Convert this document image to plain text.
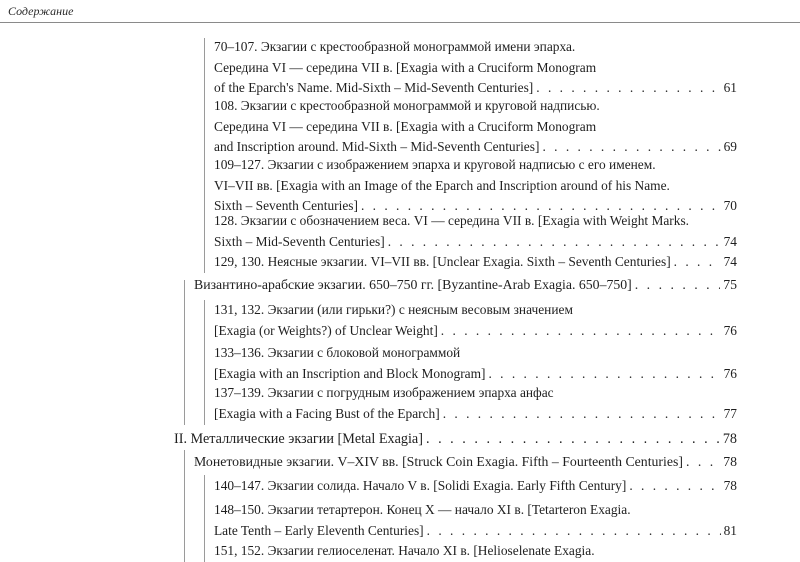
Содержание
70–107. Экзагии с крестообразной монограммой имени эпарха.
Середина VI — середина VII в. [Exagia with a Cruciform Monogram
of the Eparch's Name. Mid-Sixth – Mid-Seventh Centuries] . . .	61
108. Экзагии с крестообразной монограммой и круговой надписью.
Середина VI — середина VII в. [Exagia with a Cruciform Monogram
and Inscription around. Mid-Sixth – Mid-Seventh Centuries] . . .	69
109–127. Экзагии с изображением эпарха и круговой надписью с его именем.
VI–VII вв. [Exagia with an Image of the Eparch and Inscription around of his Name.
Sixth – Seventh Centuries] . . .	70
128. Экзагии с обозначением веса. VI — середина VII в. [Exagia with Weight Marks.
Sixth – Mid-Seventh Centuries] . . .	74
129, 130. Неясные экзагии. VI–VII вв. [Unclear Exagia. Sixth – Seventh Centuries] . . .	74
Византино-арабские экзагии. 650–750 гг. [Byzantine-Arab Exagia. 650–750] . . .	75
131, 132. Экзагии (или гирьки?) с неясным весовым значением
[Exagia (or Weights?) of Unclear Weight] . . .	76
133–136. Экзагии с блоковой монограммой
[Exagia with an Inscription and Block Monogram] . . .	76
137–139. Экзагии с погрудным изображением эпарха анфас
[Exagia with a Facing Bust of the Eparch] . . .	77
II. Металлические экзагии [Metal Exagia] . . .	78
Монетовидные экзагии. V–XIV вв. [Struck Coin Exagia. Fifth – Fourteenth Centuries] . . .	78
140–147. Экзагии солида. Начало V в. [Solidi Exagia. Early Fifth Century] . . .	78
148–150. Экзагии тетартерон. Конец X — начало XI в. [Tetarteron Exagia.
Late Tenth – Early Eleventh Centuries] . . .	81
151, 152. Экзагии гелиоселенат. Начало XI в. [Helioselenate Exagia.
